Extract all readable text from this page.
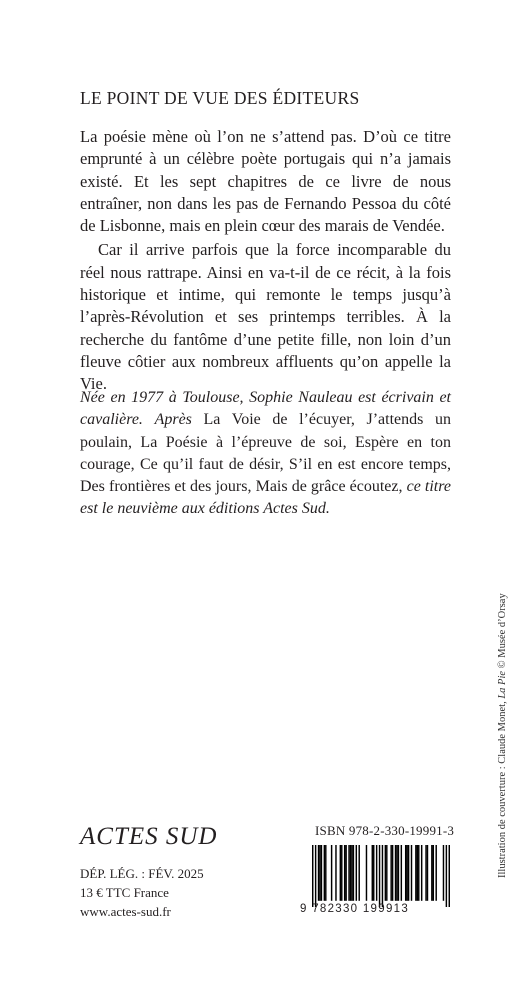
LE POINT DE VUE DES ÉDITEURS

La poésie mène où l’on ne s’attend pas. D’où ce titre emprunté à un célèbre poète portugais qui n’a jamais existé. Et les sept chapitres de ce livre de nous entraîner, non dans les pas de Fernando Pessoa du côté de Lisbonne, mais en plein cœur des marais de Vendée.

Car il arrive parfois que la force incomparable du réel nous rattrape. Ainsi en va-t-il de ce récit, à la fois historique et intime, qui remonte le temps jusqu’à l’après-Révolution et ses printemps terribles. À la recherche du fantôme d’une petite fille, non loin d’un fleuve côtier aux nombreux affluents qu’on appelle la Vie.

Née en 1977 à Toulouse, Sophie Nauleau est écrivain et cavalière. Après La Voie de l’écuyer, J’attends un poulain, La Poésie à l’épreuve de soi, Espère en ton courage, Ce qu’il faut de désir, S’il en est encore temps, Des frontières et des jours, Mais de grâce écoutez, ce titre est le neuvième aux éditions Actes Sud.
Illustration de couverture : Claude Monet, La Pie © Musée d’Orsay
ACTES SUD
DÉP. LÉG. : FÉV. 2025
13 € TTC France
www.actes-sud.fr
ISBN 978-2-330-19991-3
9 782330 199913
